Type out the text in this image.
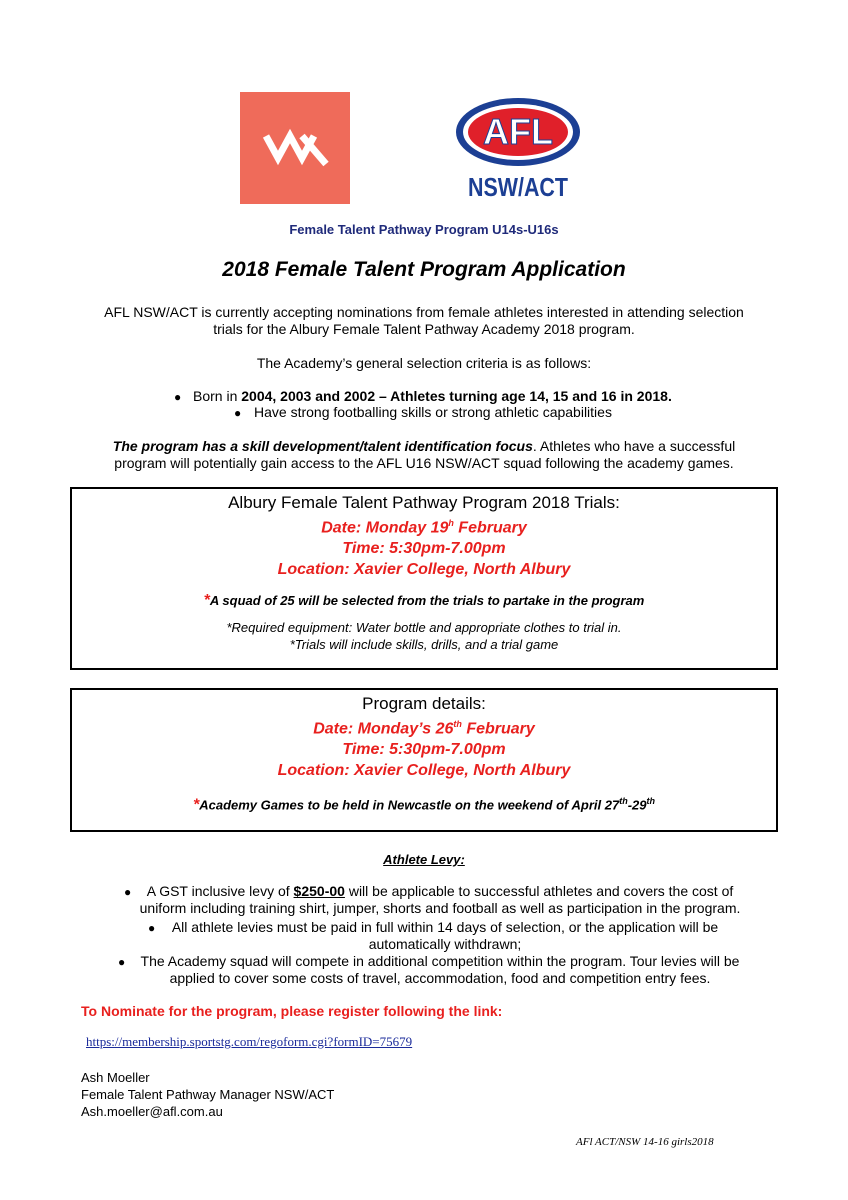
AFL
NSW/ACT
Female Talent Pathway Program U14s-U16s
2018 Female Talent Program Application
AFL NSW/ACT is currently accepting nominations from female athletes interested in attending selection
trials for the Albury Female Talent Pathway Academy 2018 program.
The Academy’s general selection criteria is as follows:
● Born in 2004, 2003 and 2002 – Athletes turning age 14, 15 and 16 in 2018.
● Have strong footballing skills or strong athletic capabilities
The program has a skill development/talent identification focus. Athletes who have a successful
program will potentially gain access to the AFL U16 NSW/ACT squad following the academy games.
Albury Female Talent Pathway Program 2018 Trials:
Date: Monday 19$^h$ February
Time: 5:30pm-7.00pm
Location: Xavier College, North Albury
*A squad of 25 will be selected from the trials to partake in the program
*Required equipment: Water bottle and appropriate clothes to trial in.
*Trials will include skills, drills, and a trial game
Program details:
Date: Monday’s 26th February
Time: 5:30pm-7.00pm
Location: Xavier College, North Albury
*Academy Games to be held in Newcastle on the weekend of April 27th-29th
Athlete Levy:
●	A GST inclusive levy of $250-00 will be applicable to successful athletes and covers the cost of
uniform including training shirt, jumper, shorts and football as well as participation in the program.
●	All athlete levies must be paid in full within 14 days of selection, or the application will be
automatically withdrawn;
●	The Academy squad will compete in additional competition within the program. Tour levies will be
applied to cover some costs of travel, accommodation, food and competition entry fees.
To Nominate for the program, please register following the link:
https://membership.sportstg.com/regoform.cgi?formID=75679
Ash Moeller
Female Talent Pathway Manager NSW/ACT
Ash.moeller@afl.com.au
AFl ACT/NSW 14-16 girls2018
